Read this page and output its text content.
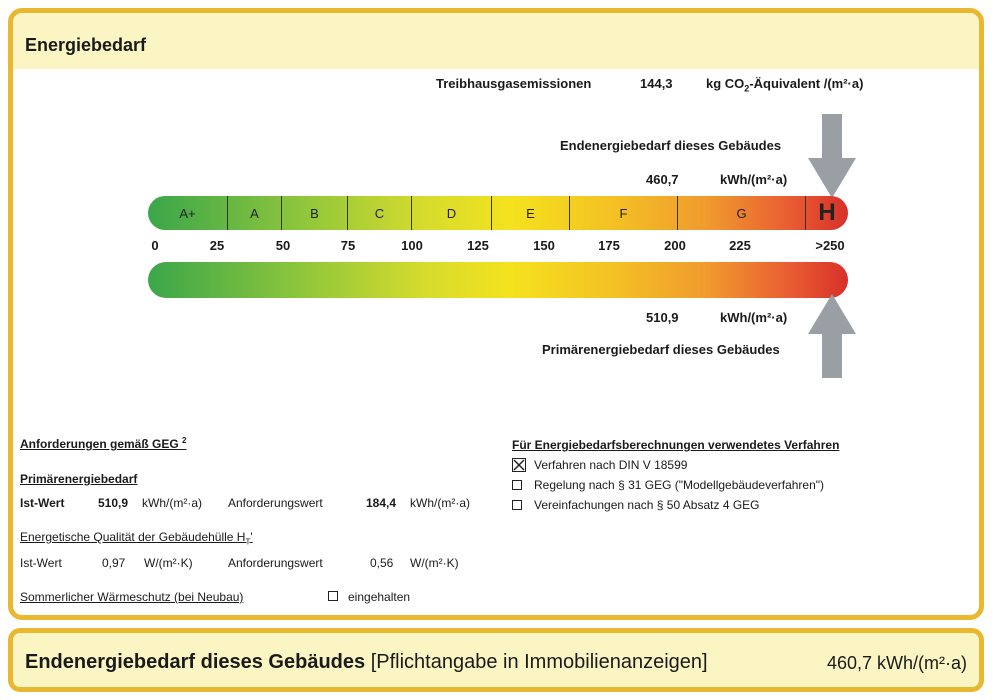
Energiebedarf
Treibhausgasemissionen	144,3	kg $CO_2$-Äquivalent /(m²·a)
Endenergiebedarf dieses Gebäudes
460,7	kWh/(m²·a)
A+	A	B	C	D	E	F	G	H
0	25	50	75	100	125	150	175	200	225	>250
510,9	kWh/(m²·a)
Primärenergiebedarf dieses Gebäudes
Anforderungen gemäß GEG $^2$
Primärenergiebedarf
Ist-Wert	510,9 kWh/(m²·a) Anforderungswert	184,4 kWh/(m²·a)
Energetische Qualität der Gebäudehülle $H_T'$
Ist-Wert	0,97 W/(m²·K)	Anforderungswert	0,56 W/(m²·K)
Sommerlicher Wärmeschutz (bei Neubau)	eingehalten
Für Energiebedarfsberechnungen verwendetes Verfahren
Verfahren nach DIN V 18599
Regelung nach § 31 GEG ("Modellgebäudeverfahren")
Vereinfachungen nach § 50 Absatz 4 GEG
Endenergiebedarf dieses Gebäudes [Pflichtangabe in Immobilienanzeigen]	460,7 kWh/(m²·a)
